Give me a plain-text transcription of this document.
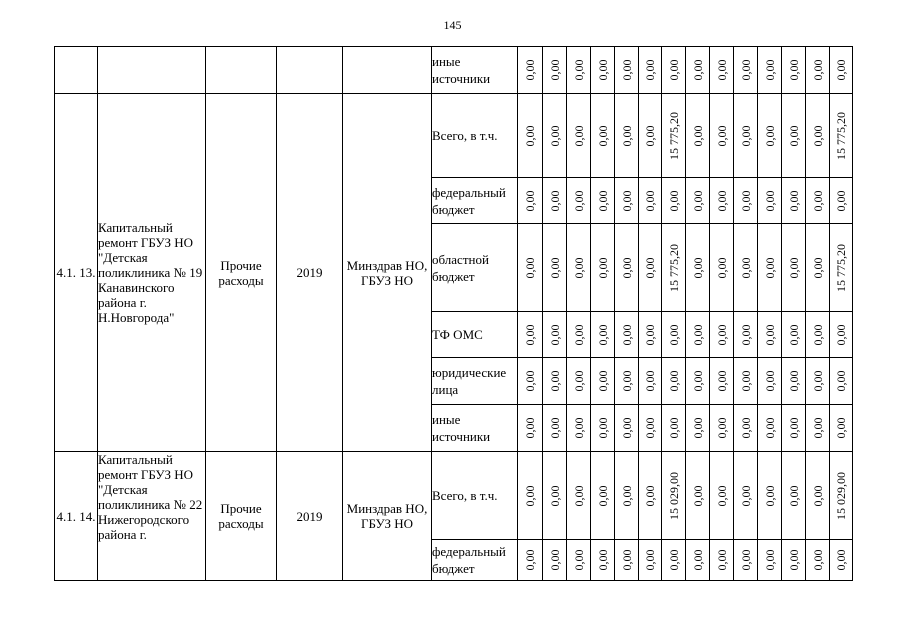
145
					иные источники	0,00	0,00	0,00	0,00	0,00	0,00	0,00	0,00	0,00	0,00	0,00	0,00	0,00	0,00

4.1. 13.	Капитальный ремонт ГБУЗ НО "Детская поликлиника № 19 Канавинского района г. Н.Новгорода"	Прочие расходы	2019	Минздрав НО, ГБУЗ НО	Всего, в т.ч.	0,00	0,00	0,00	0,00	0,00	0,00	15 775,20	0,00	0,00	0,00	0,00	0,00	0,00	15 775,20

					федеральный бюджет	0,00	0,00	0,00	0,00	0,00	0,00	0,00	0,00	0,00	0,00	0,00	0,00	0,00	0,00

					областной бюджет	0,00	0,00	0,00	0,00	0,00	0,00	15 775,20	0,00	0,00	0,00	0,00	0,00	0,00	15 775,20

					ТФ ОМС	0,00	0,00	0,00	0,00	0,00	0,00	0,00	0,00	0,00	0,00	0,00	0,00	0,00	0,00

					юридические лица	0,00	0,00	0,00	0,00	0,00	0,00	0,00	0,00	0,00	0,00	0,00	0,00	0,00	0,00

					иные источники	0,00	0,00	0,00	0,00	0,00	0,00	0,00	0,00	0,00	0,00	0,00	0,00	0,00	0,00

4.1. 14.	Капитальный ремонт ГБУЗ НО "Детская поликлиника № 22 Нижегородского района г.	Прочие расходы	2019	Минздрав НО, ГБУЗ НО	Всего, в т.ч.	0,00	0,00	0,00	0,00	0,00	0,00	15 029,00	0,00	0,00	0,00	0,00	0,00	0,00	15 029,00

					федеральный бюджет	0,00	0,00	0,00	0,00	0,00	0,00	0,00	0,00	0,00	0,00	0,00	0,00	0,00	0,00
